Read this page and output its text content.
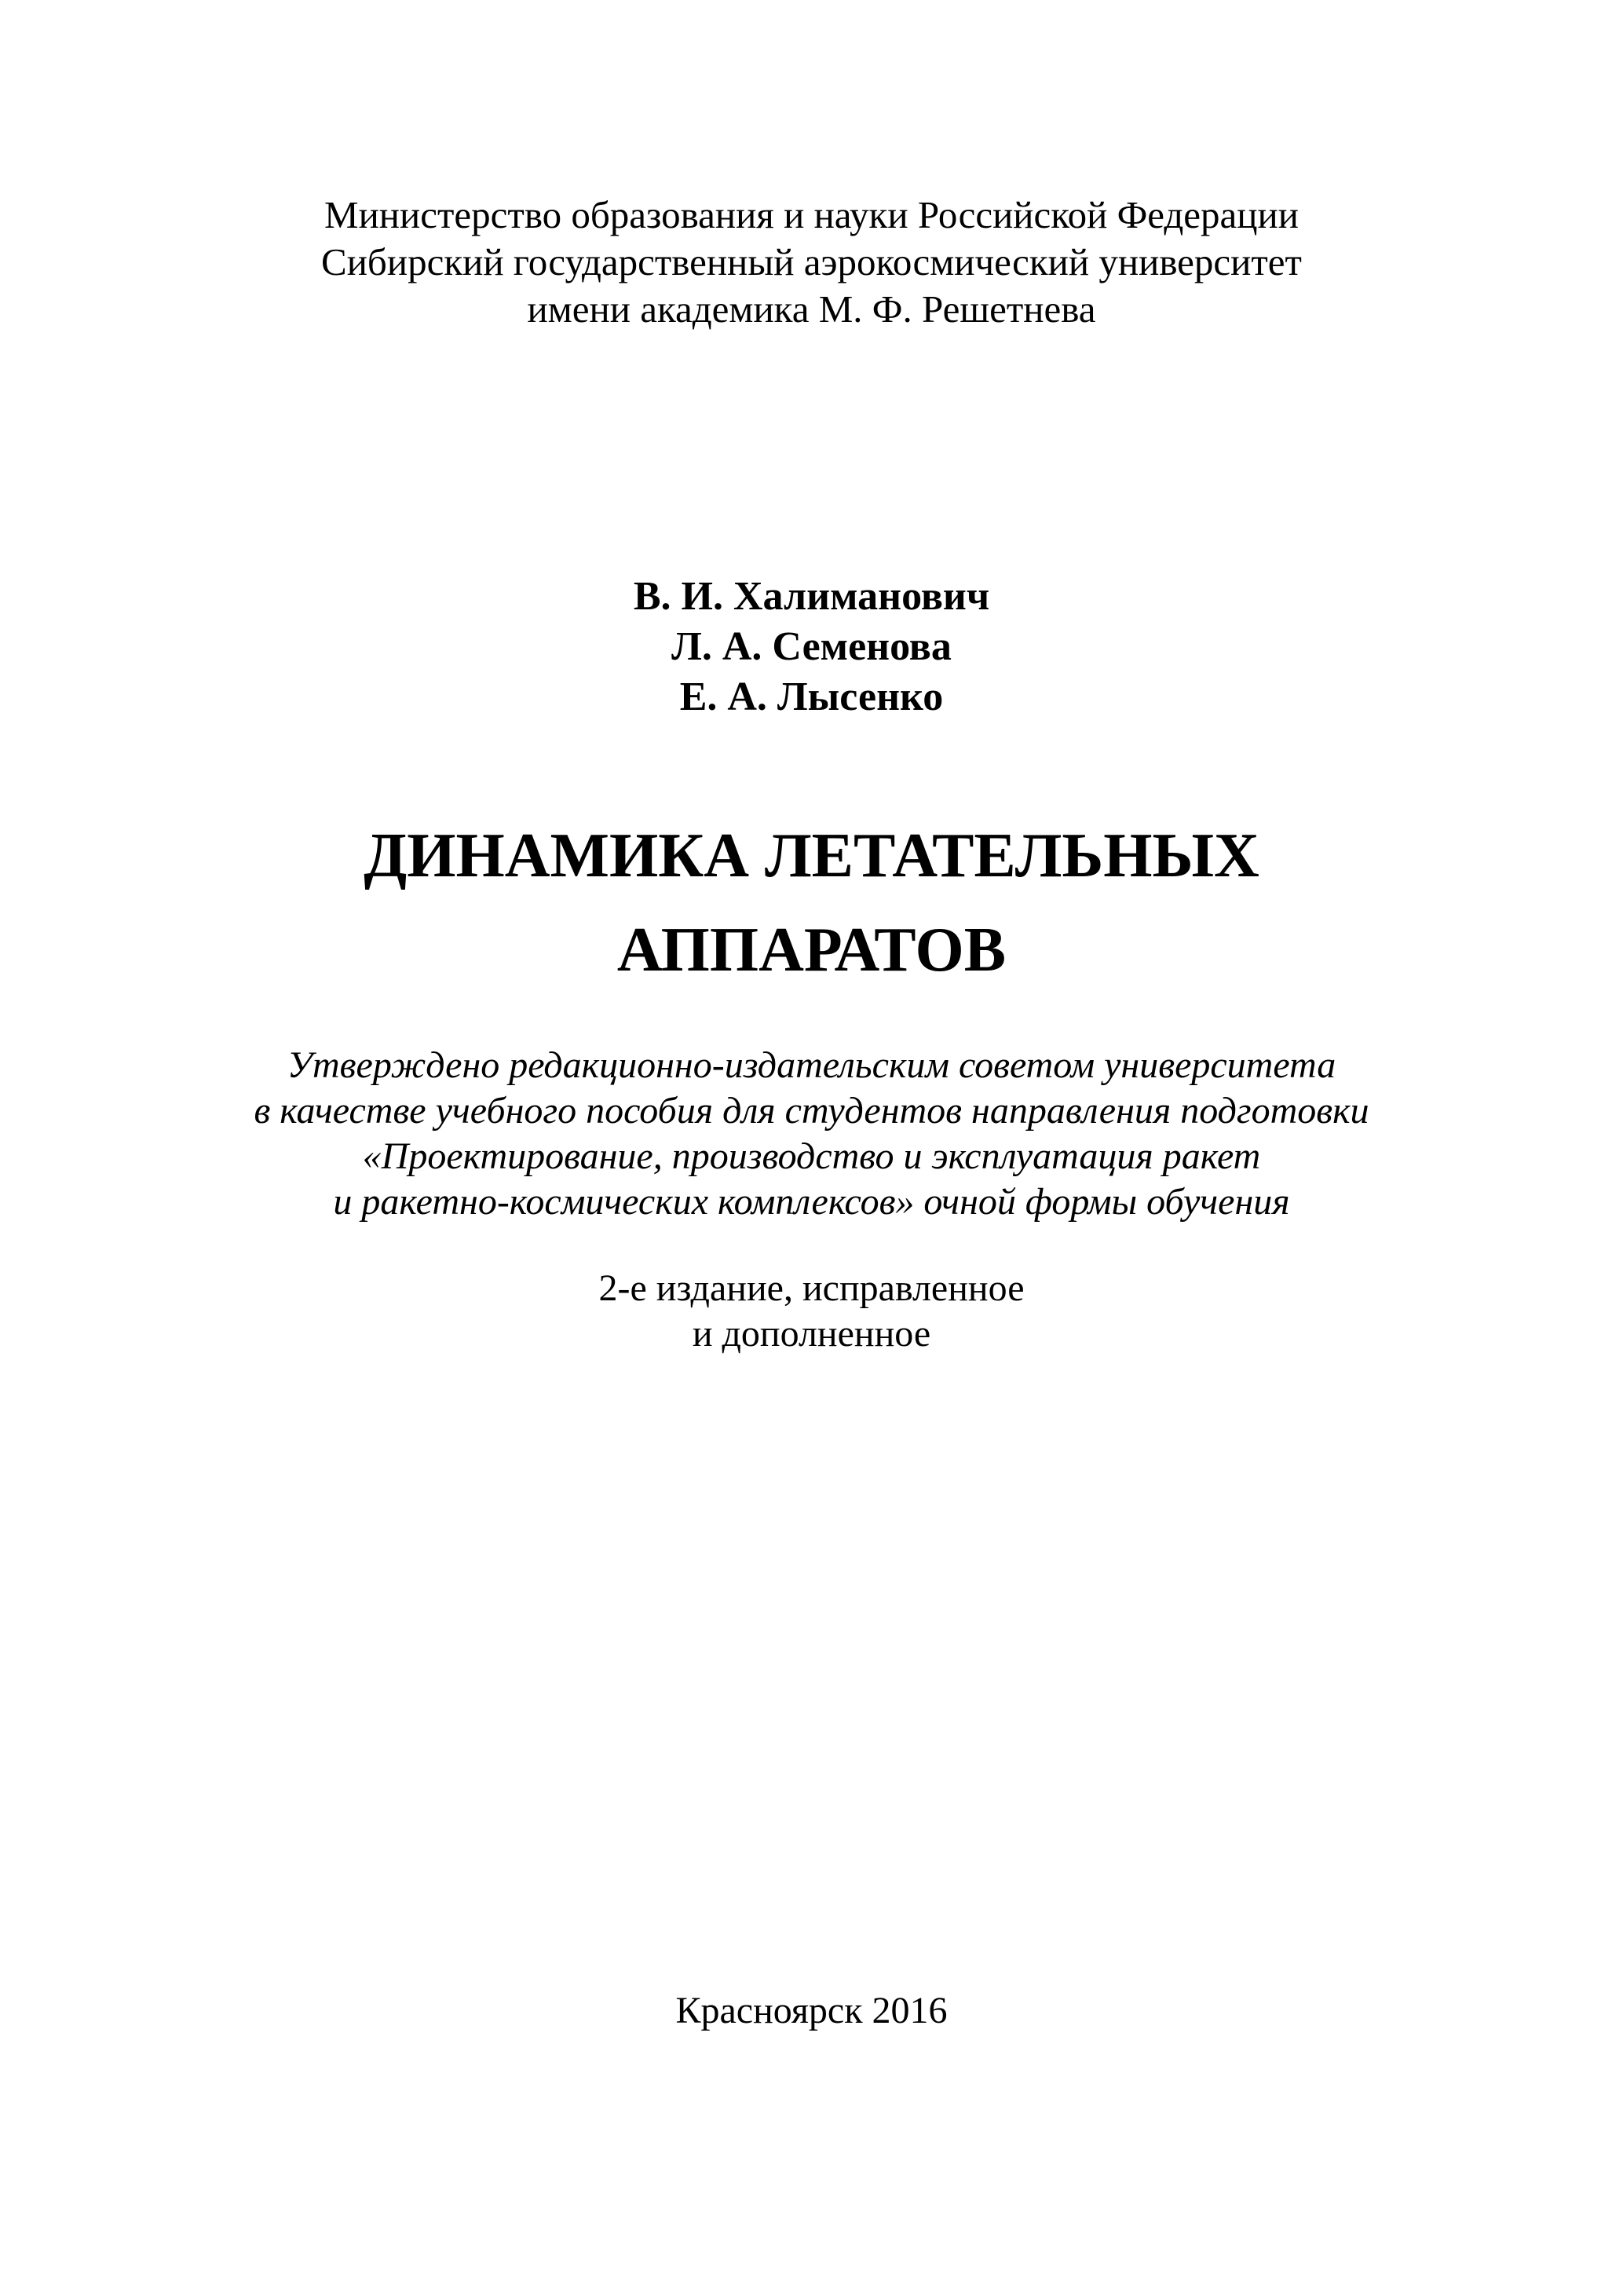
Министерство образования и науки Российской Федерации
Сибирский государственный аэрокосмический университет
имени академика М. Ф. Решетнева
В. И. Халиманович
Л. А. Семенова
Е. А. Лысенко
ДИНАМИКА ЛЕТАТЕЛЬНЫХ
АППАРАТОВ
Утверждено редакционно-издательским советом университета
в качестве учебного пособия для студентов направления подготовки
«Проектирование, производство и эксплуатация ракет
и ракетно-космических комплексов» очной формы обучения
2-е издание, исправленное
и дополненное
Красноярск 2016
